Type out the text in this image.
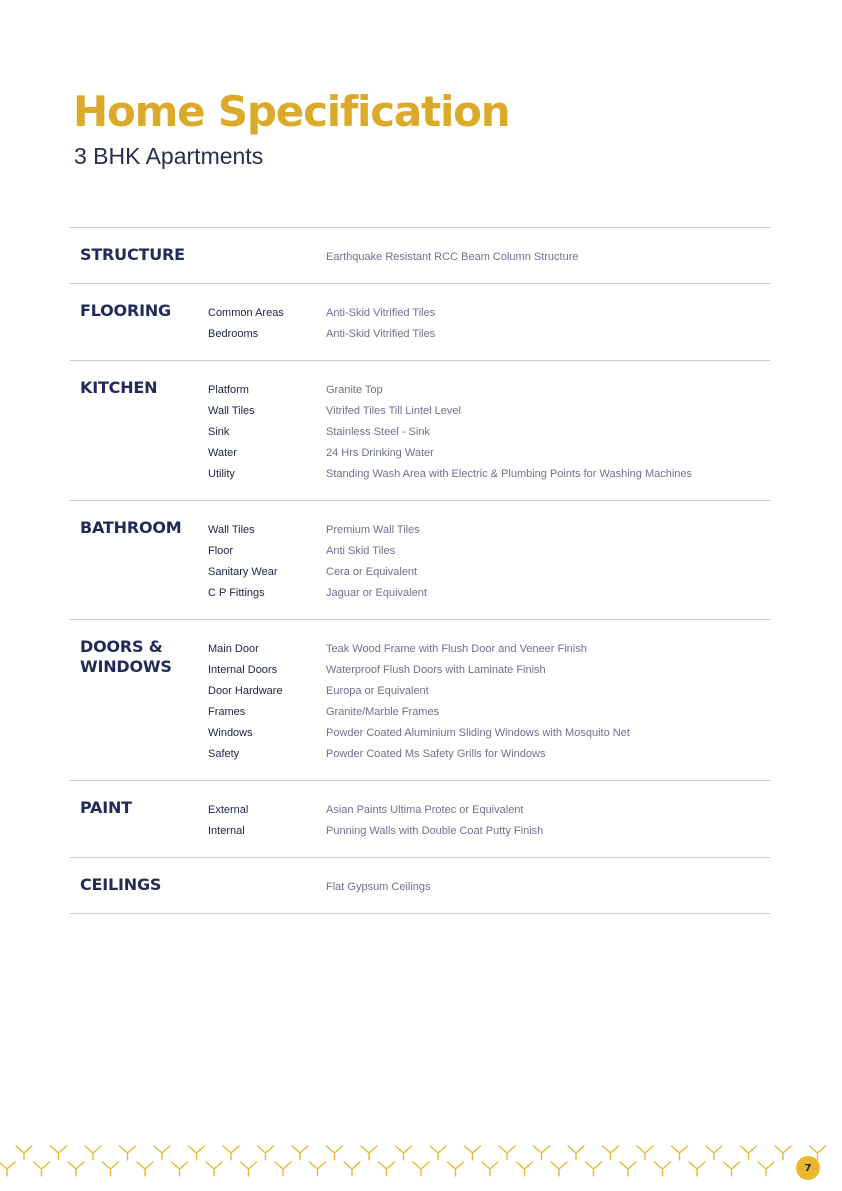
Home Specification
3 BHK Apartments
STRUCTURE	Earthquake Resistant RCC Beam Column Structure
FLOORING	Common Areas	Anti-Skid Vitrified Tiles
Bedrooms	Anti-Skid Vitrified Tiles
KITCHEN	Platform	Granite Top
Wall Tiles	Vitrifed Tiles Till Lintel Level
Sink	Stainless Steel - Sink
Water	24 Hrs Drinking Water
Utility	Standing Wash Area with Electric & Plumbing Points for Washing Machines
BATHROOM	Wall Tiles	Premium Wall Tiles
Floor	Anti Skid Tiles
Sanitary Wear	Cera or Equivalent
C P Fittings	Jaguar or Equivalent
DOORS & WINDOWS
Main Door	Teak Wood Frame with Flush Door and Veneer Finish
Internal Doors	Waterproof Flush Doors with Laminate Finish
Door Hardware	Europa or Equivalent
Frames	Granite/Marble Frames
Windows	Powder Coated Aluminium Sliding Windows with Mosquito Net
Safety	Powder Coated Ms Safety Grills for Windows
PAINT	External	Asian Paints Ultima Protec or Equivalent
Internal	Punning Walls with Double Coat Putty Finish
CEILINGS	Flat Gypsum Ceilings
7
